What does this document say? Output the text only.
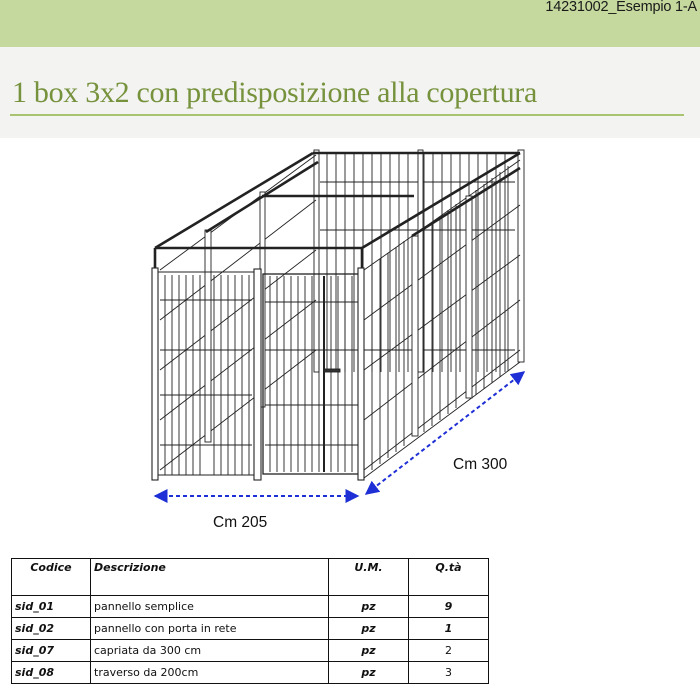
14231002_Esempio 1-A
1 box 3x2 con predisposizione alla copertura
Cm 205
Cm 300
Codice	Descrizione	U.M.	Q.tà
sid_01	pannello semplice	pz	9
sid_02	pannello con porta in rete	pz	1
sid_07	capriata da 300 cm	pz	2
sid_08	traverso da 200cm	pz	3
